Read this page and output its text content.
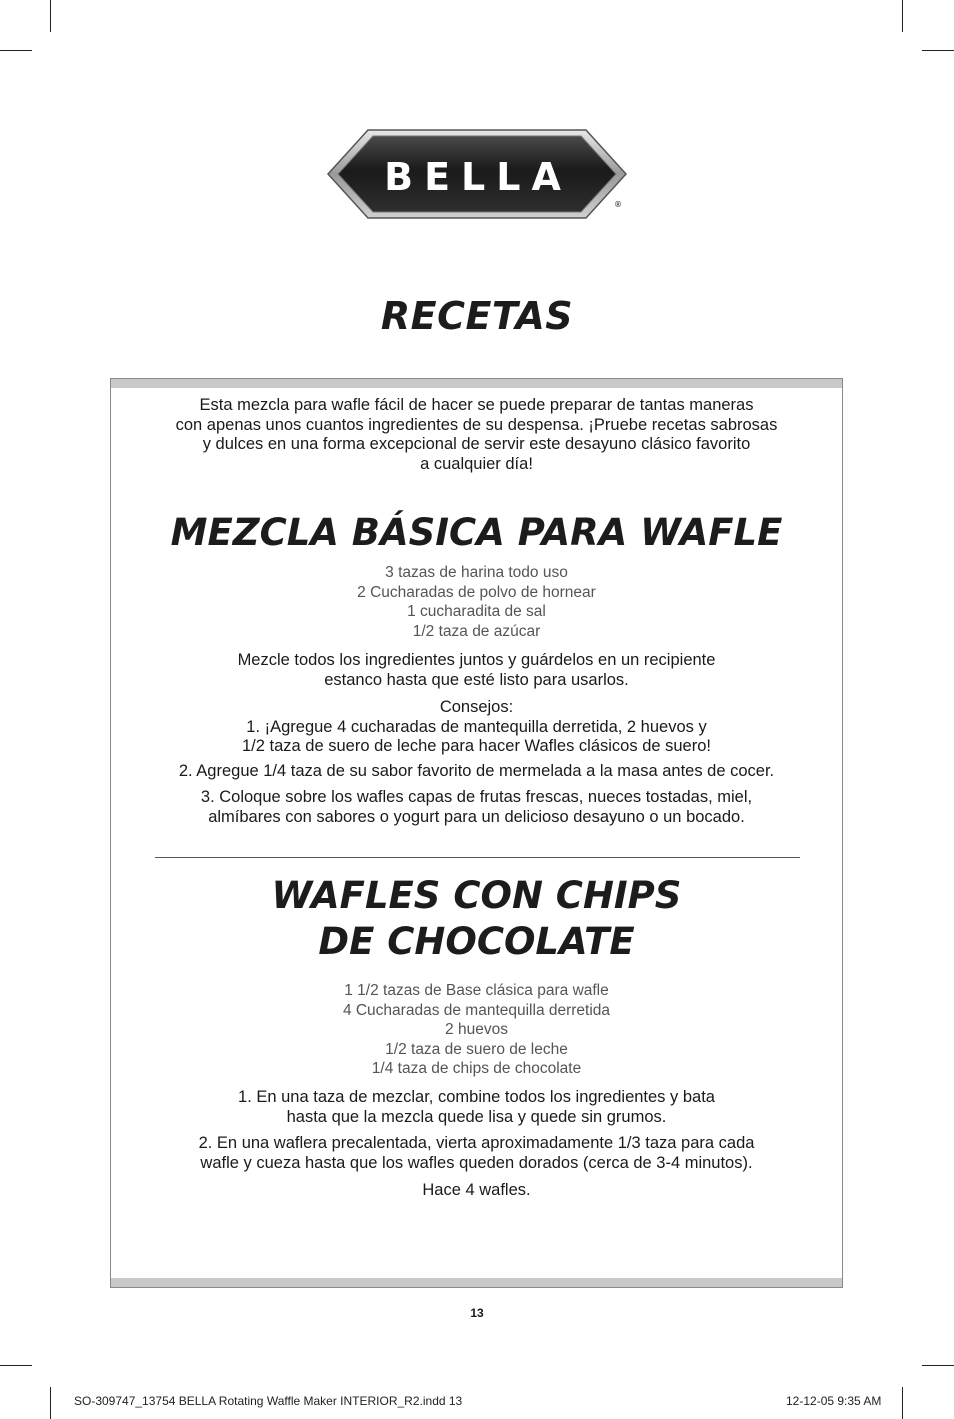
BELLA
®
RECETAS
Esta mezcla para wafle fácil de hacer se puede preparar de tantas maneras
con apenas unos cuantos ingredientes de su despensa. ¡Pruebe recetas sabrosas
y dulces en una forma excepcional de servir este desayuno clásico favorito
a cualquier día!
MEZCLA BÁSICA PARA WAFLE
3 tazas de harina todo uso
2 Cucharadas de polvo de hornear
1 cucharadita de sal
1/2 taza de azúcar
Mezcle todos los ingredientes juntos y guárdelos en un recipiente
estanco hasta que esté listo para usarlos.
Consejos:
1. ¡Agregue 4 cucharadas de mantequilla derretida, 2 huevos y
1/2 taza de suero de leche para hacer Wafles clásicos de suero!
2. Agregue 1/4 taza de su sabor favorito de mermelada a la masa antes de cocer.
3. Coloque sobre los wafles capas de frutas frescas, nueces tostadas, miel,
almíbares con sabores o yogurt para un delicioso desayuno o un bocado.
WAFLES CON CHIPS
DE CHOCOLATE
1 1/2 tazas de Base clásica para wafle
4 Cucharadas de mantequilla derretida
2 huevos
1/2 taza de suero de leche
1/4 taza de chips de chocolate
1. En una taza de mezclar, combine todos los ingredientes y bata
hasta que la mezcla quede lisa y quede sin grumos.
2. En una waflera precalentada, vierta aproximadamente 1/3 taza para cada
wafle y cueza hasta que los wafles queden dorados (cerca de 3-4 minutos).
Hace 4 wafles.
13
SO-309747_13754 BELLA Rotating Waffle Maker INTERIOR_R2.indd 13	12-12-05 9:35 AM
